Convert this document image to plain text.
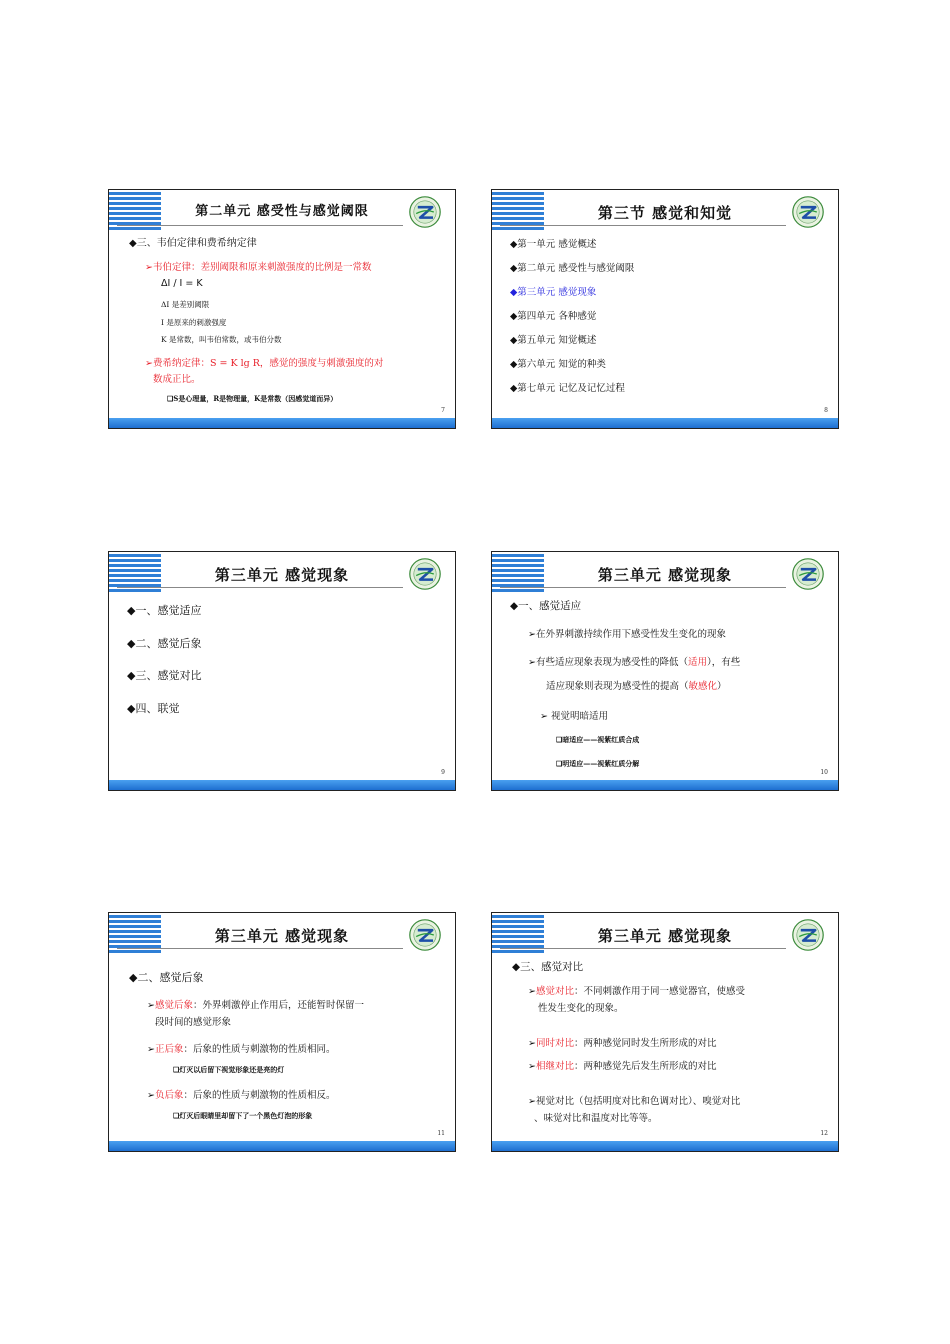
第二单元 感受性与感觉阈限
◆三、韦伯定律和费希纳定律
➢韦伯定律：差别阈限和原来刺激强度的比例是一常数
ΔI / I = K
ΔI 是差别阈限
I 是原来的刺激强度
K 是常数，叫韦伯常数，或韦伯分数
➢费希纳定律：S = K lg R，感觉的强度与刺激强度的对
数成正比。
❑S是心理量，R是物理量，K是常数（因感觉道而异）
7
第三节 感觉和知觉
◆第一单元 感觉概述
◆第二单元 感受性与感觉阈限
◆第三单元 感觉现象
◆第四单元 各种感觉
◆第五单元 知觉概述
◆第六单元 知觉的种类
◆第七单元 记忆及记忆过程
8
第三单元 感觉现象
◆一、感觉适应
◆二、感觉后象
◆三、感觉对比
◆四、联觉
9
第三单元 感觉现象
◆一、感觉适应
➢在外界刺激持续作用下感受性发生变化的现象
➢有些适应现象表现为感受性的降低（适用），有些
适应现象则表现为感受性的提高（敏感化）
➢ 视觉明暗适用
❑暗适应——视紫红质合成
❑明适应——视紫红质分解
10
第三单元 感觉现象
◆二、感觉后象
➢感觉后象：外界刺激停止作用后，还能暂时保留一
段时间的感觉形象
➢正后象：后象的性质与刺激物的性质相同。
❑灯灭以后留下视觉形象还是亮的灯
➢负后象：后象的性质与刺激物的性质相反。
❑灯灭后眼睛里却留下了一个黑色灯泡的形象
11
第三单元 感觉现象
◆三、感觉对比
➢感觉对比：不同刺激作用于同一感觉器官，使感受
性发生变化的现象。
➢同时对比：两种感觉同时发生所形成的对比
➢相继对比：两种感觉先后发生所形成的对比
➢视觉对比（包括明度对比和色调对比）、嗅觉对比
、味觉对比和温度对比等等。
12
